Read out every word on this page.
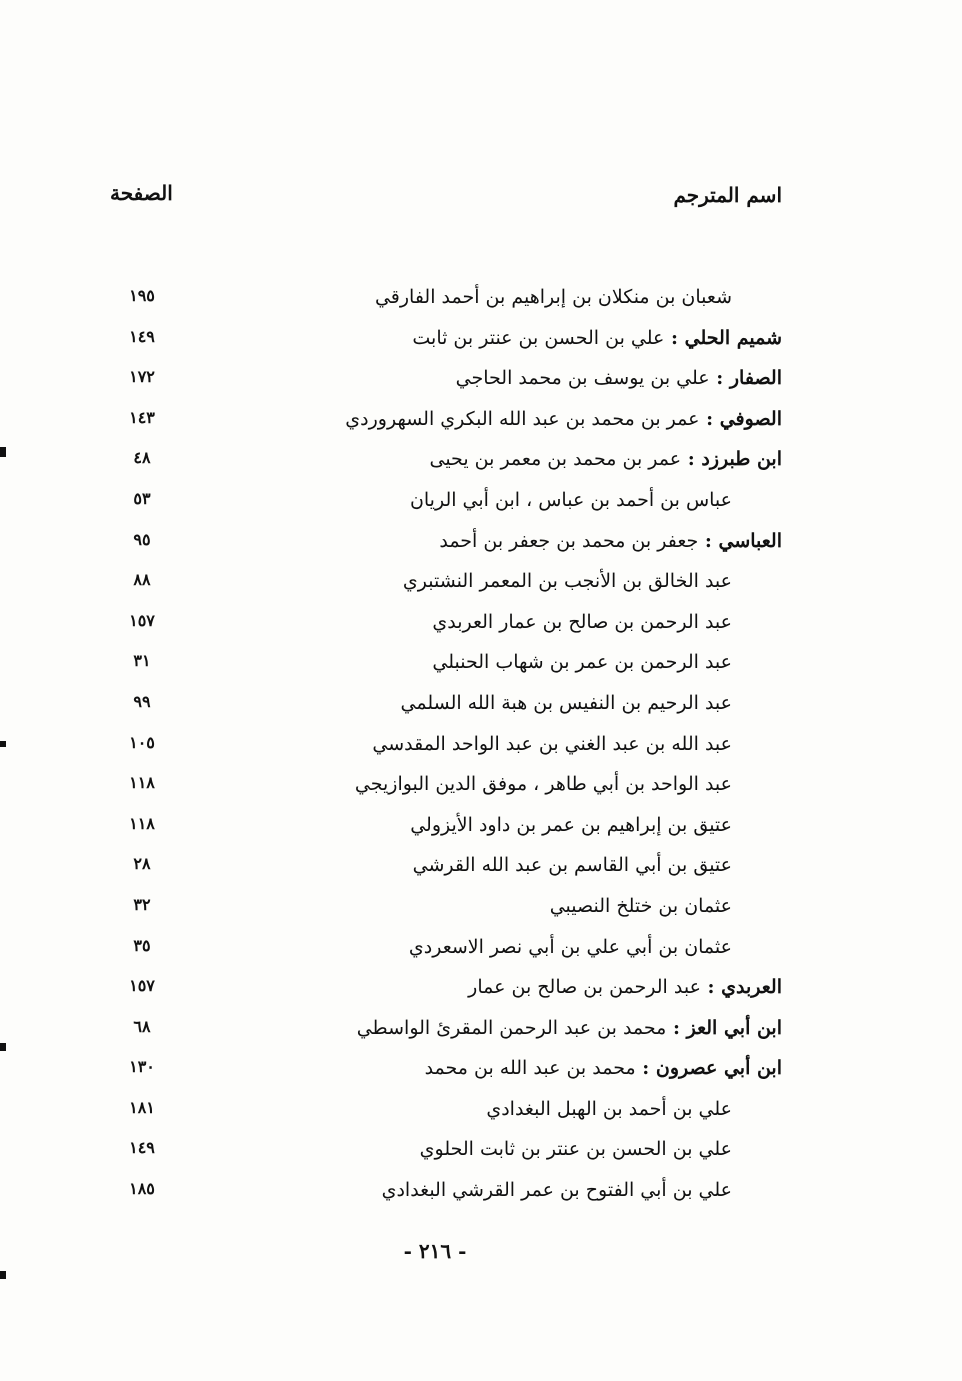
اسم المترجم
الصفحة
شعبان بن منكلان بن إبراهيم بن أحمد الفارقي
١٩٥
شميم الحلي : علي بن الحسن بن عنتر بن ثابت
١٤٩
الصفار : علي بن يوسف بن محمد الحاجي
١٧٢
الصوفي : عمر بن محمد بن عبد الله البكري السهروردي
١٤٣
ابن طبرزد : عمر بن محمد بن معمر بن يحيى
٤٨
عباس بن أحمد بن عباس ، ابن أبي الريان
٥٣
العباسي : جعفر بن محمد بن جعفر بن أحمد
٩٥
عبد الخالق بن الأنجب بن المعمر النشتبري
٨٨
عبد الرحمن بن صالح بن عمار العربدي
١٥٧
عبد الرحمن بن عمر بن شهاب الحنبلي
٣١
عبد الرحيم بن النفيس بن هبة الله السلمي
٩٩
عبد الله بن عبد الغني بن عبد الواحد المقدسي
١٠٥
عبد الواحد بن أبي طاهر ، موفق الدين البوازيجي
١١٨
عتيق بن إبراهيم بن عمر بن داود الأيزولي
١١٨
عتيق بن أبي القاسم بن عبد الله القرشي
٢٨
عثمان بن ختلخ النصيبي
٣٢
عثمان بن أبي علي بن أبي نصر الاسعردي
٣٥
العربدي : عبد الرحمن بن صالح بن عمار
١٥٧
ابن أبي العز : محمد بن عبد الرحمن المقرئ الواسطي
٦٨
ابن أبي عصرون : محمد بن عبد الله بن محمد
١٣٠
علي بن أحمد بن الهبل البغدادي
١٨١
علي بن الحسن بن عنتر بن ثابت الحلوي
١٤٩
علي بن أبي الفتوح بن عمر القرشي البغدادي
١٨٥
- ٢١٦ -
